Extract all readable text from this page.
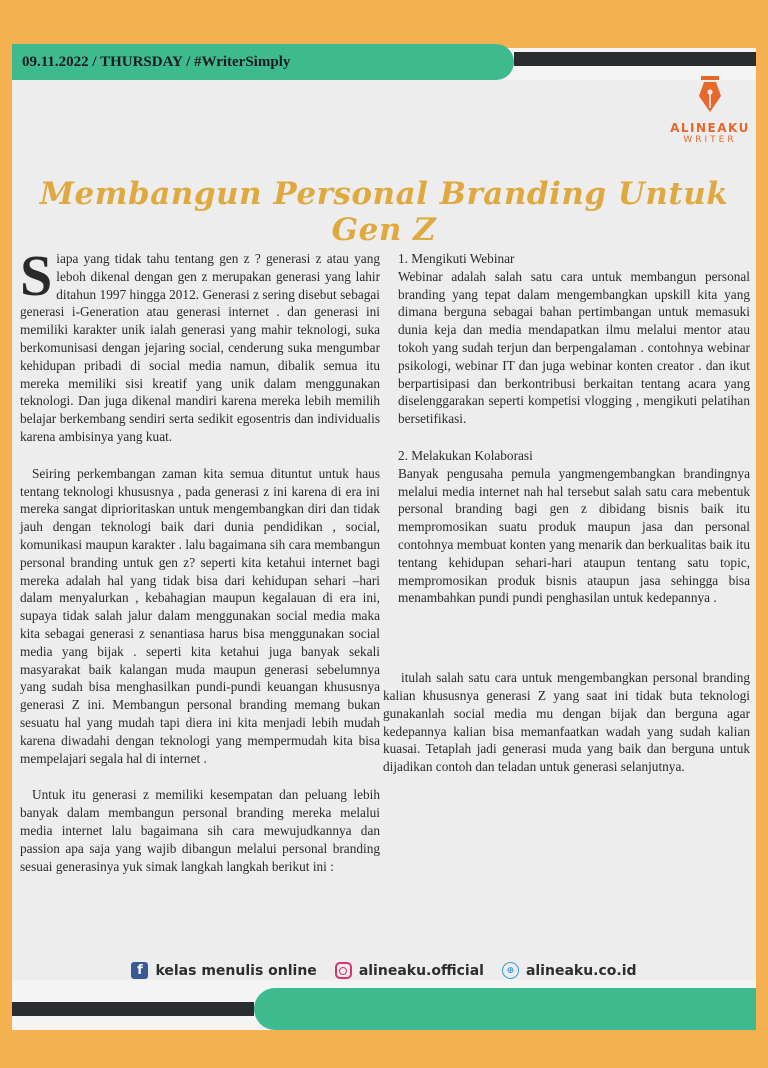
09.11.2022 / THURSDAY / #WriterSimply
ALINEAKU
WRITER
Membangun Personal Branding Untuk Gen Z

Siapa yang tidak tahu tentang gen z ? generasi z atau yang leboh dikenal dengan gen z merupakan generasi yang lahir ditahun 1997 hingga 2012. Generasi z sering disebut sebagai generasi i-Generation atau generasi internet . dan generasi ini memiliki karakter unik ialah generasi yang mahir teknologi, suka berkomunisasi dengan jejaring social, cenderung suka mengumbar kehidupan pribadi di social media namun, dibalik semua itu mereka memiliki sisi kreatif yang unik dalam menggunakan teknologi. Dan juga dikenal mandiri karena mereka lebih memilih belajar berkembang sendiri serta sedikit egosentris dan individualis karena ambisinya yang kuat.

Seiring perkembangan zaman kita semua dituntut untuk haus tentang teknologi khususnya , pada generasi z ini karena di era ini mereka sangat diprioritaskan untuk mengembangkan diri dan tidak jauh dengan teknologi baik dari dunia pendidikan , social, komunikasi maupun karakter . lalu bagaimana sih cara membangun personal branding untuk gen z? seperti kita ketahui internet bagi mereka adalah hal yang tidak bisa dari kehidupan sehari –hari dalam menyalurkan , kebahagian maupun kegalauan di era ini, supaya tidak salah jalur dalam menggunakan social media maka kita sebagai generasi z senantiasa harus bisa menggunakan social media yang bijak . seperti kita ketahui juga banyak sekali masyarakat baik kalangan muda maupun generasi sebelumnya yang sudah bisa menghasilkan pundi-pundi keuangan khususnya generasi Z ini. Membangun personal branding memang bukan sesuatu hal yang mudah tapi diera ini kita menjadi lebih mudah karena diwadahi dengan teknologi yang mempermudah kita bisa mempelajari segala hal di internet .

Untuk itu generasi z memiliki kesempatan dan peluang lebih banyak dalam membangun personal branding mereka melalui media internet lalu bagaimana sih cara mewujudkannya dan passion apa saja yang wajib dibangun melalui personal branding sesuai generasinya yuk simak langkah langkah berikut ini :

1. Mengikuti Webinar

Webinar adalah salah satu cara untuk membangun personal branding yang tepat dalam mengembangkan upskill kita yang dimana berguna sebagai bahan pertimbangan untuk memasuki dunia keja dan media mendapatkan ilmu melalui mentor atau tokoh yang sudah terjun dan berpengalaman . contohnya webinar psikologi, webinar IT dan juga webinar konten creator . dan ikut berpartisipasi dan berkontribusi berkaitan tentang acara yang diselenggarakan seperti kompetisi vlogging , mengikuti pelatihan bersetifikasi.

2. Melakukan Kolaborasi

Banyak pengusaha pemula yangmengembangkan brandingnya melalui media internet nah hal tersebut salah satu cara mebentuk personal branding bagi gen z dibidang bisnis baik itu mempromosikan suatu produk maupun jasa dan personal contohnya membuat konten yang menarik dan berkualitas baik itu tentang kehidupan sehari-hari ataupun tentang satu topic, mempromosikan produk bisnis ataupun jasa sehingga bisa menambahkan pundi pundi penghasilan untuk kedepannya .

itulah salah satu cara untuk mengembangkan personal branding kalian khususnya generasi Z yang saat ini tidak buta teknologi gunakanlah social media mu dengan bijak dan berguna agar kedepannya kalian bisa memanfaatkan wadah yang sudah kalian kuasai. Tetaplah jadi generasi muda yang baik dan berguna untuk dijadikan contoh dan teladan untuk generasi selanjutnya.

f kelas menulis online	alineaku.official	⊕ alineaku.co.id
